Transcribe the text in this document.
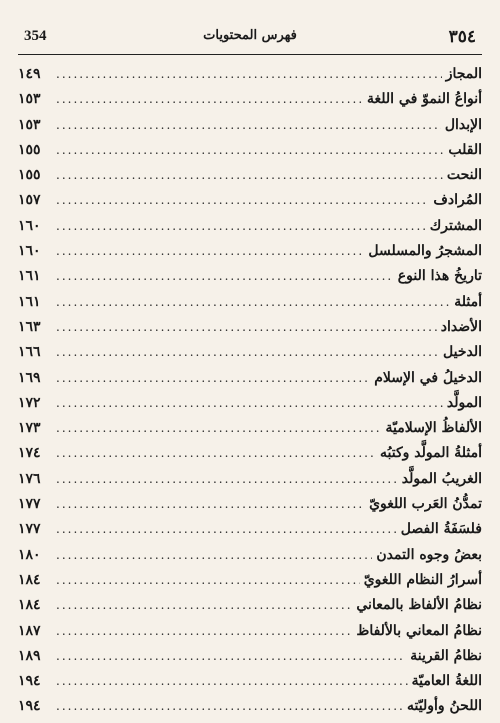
354	فهرس المحتويات	٣٥٤
المجاز
.....
١٤٩
أنواعُ النموّ في اللغة
.....
١٥٣
الإبدال
.....
١٥٣
القلب
.....
١٥٥
النحت
.....
١٥٥
المُرادف
.....
١٥٧
المشترك
.....
١٦٠
المشجرُ والمسلسل
.....
١٦٠
تاريخُ هذا النوع
.....
١٦١
أمثلة
.....
١٦١
الأضداد
.....
١٦٣
الدخيل
.....
١٦٦
الدخيلُ في الإسلام
.....
١٦٩
المولَّد
.....
١٧٢
الألفاظُ الإسلاميّة
.....
١٧٣
أمثلةُ المولَّد وكتبُه
.....
١٧٤
الغريبُ المولَّد
.....
١٧٦
تمدُّنُ العَرب اللغويّ
.....
١٧٧
فلسَفَةُ الفصل
.....
١٧٧
بعضُ وجوه التمدن
.....
١٨٠
أسرارُ النظام اللغويّ
.....
١٨٤
نظامُ الألفاظ بالمعاني
.....
١٨٤
نظامُ المعاني بالألفاظ
.....
١٨٧
نظامُ القرينة
.....
١٨٩
اللغةُ العاميّة
.....
١٩٤
اللحنُ وأوليّته
.....
١٩٤
